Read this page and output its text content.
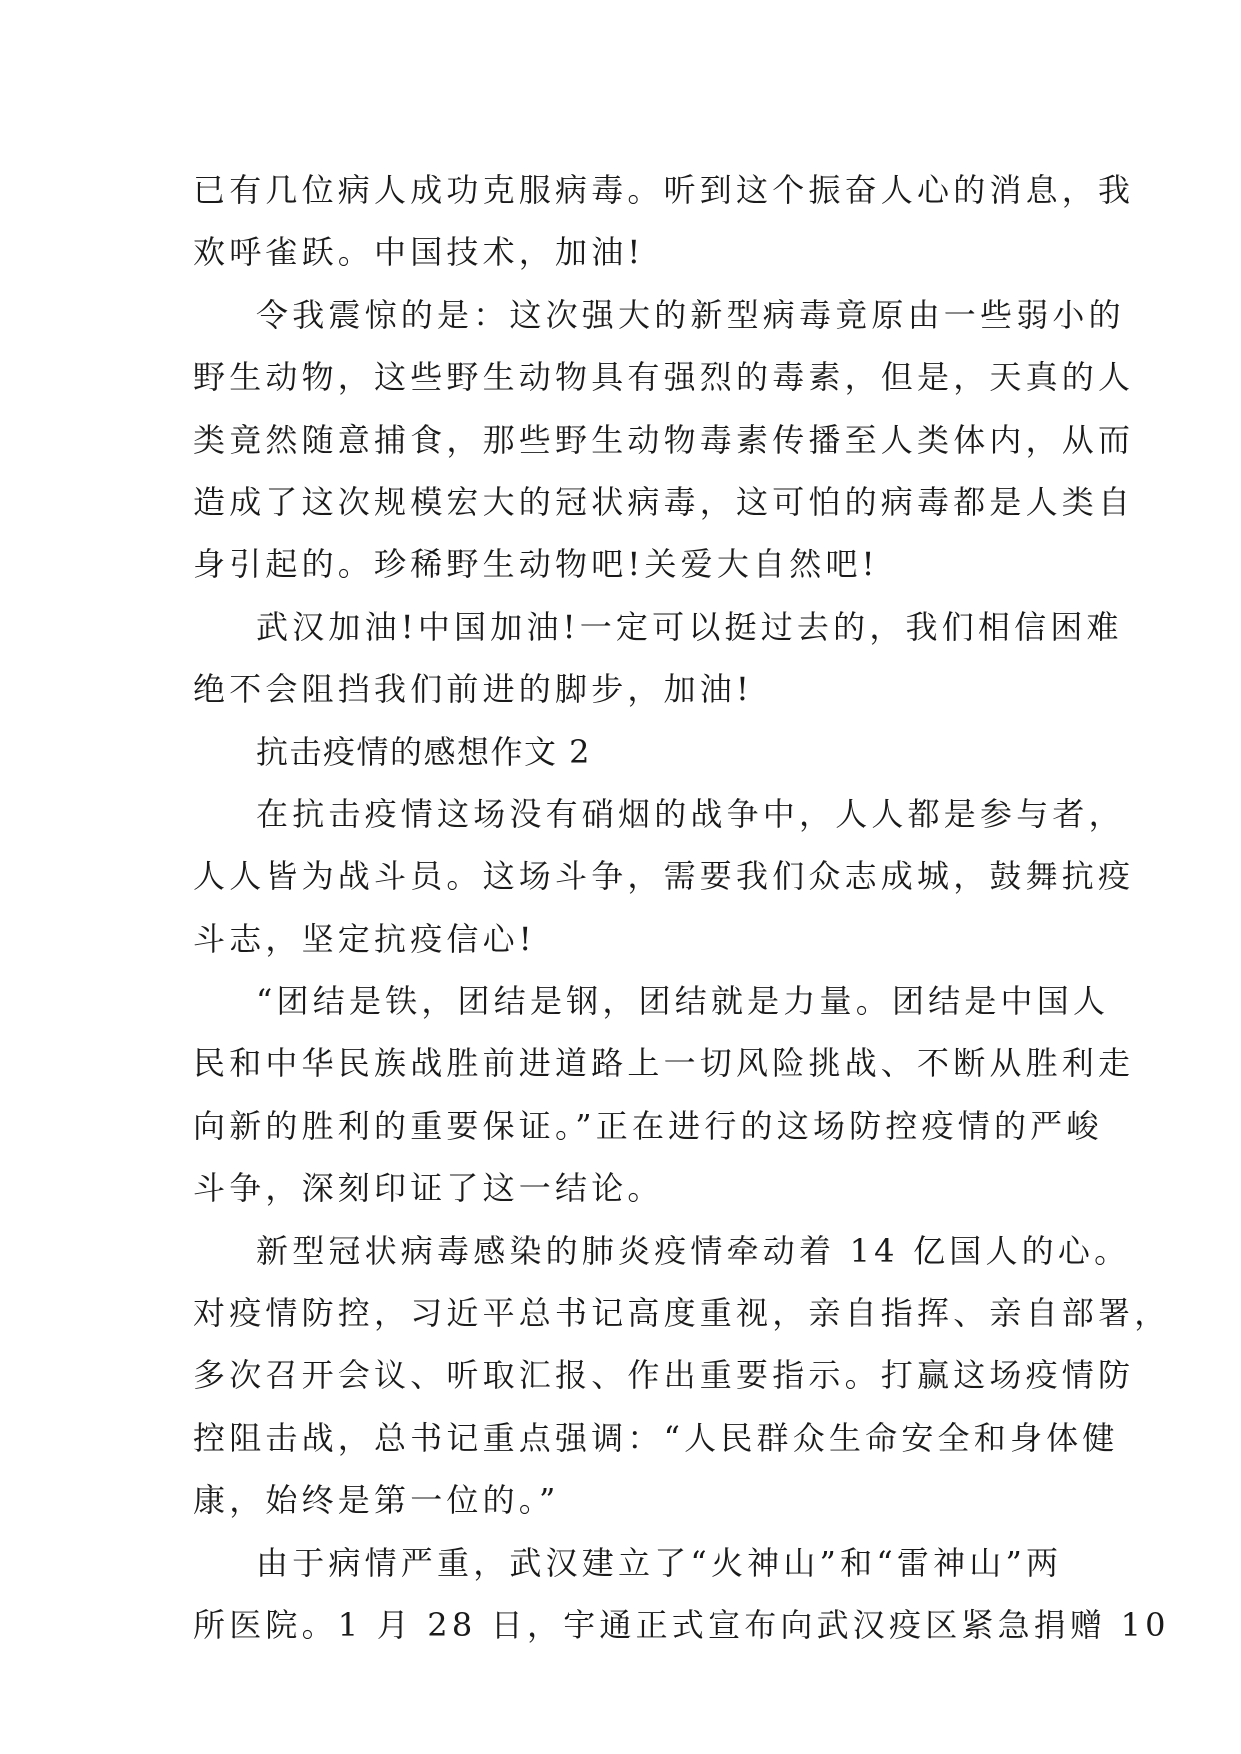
已有几位病人成功克服病毒。听到这个振奋人心的消息，我
欢呼雀跃。中国技术，加油!
令我震惊的是：这次强大的新型病毒竟原由一些弱小的
野生动物，这些野生动物具有强烈的毒素，但是，天真的人
类竟然随意捕食，那些野生动物毒素传播至人类体内，从而
造成了这次规模宏大的冠状病毒，这可怕的病毒都是人类自
身引起的。珍稀野生动物吧!关爱大自然吧!
武汉加油!中国加油!一定可以挺过去的，我们相信困难
绝不会阻挡我们前进的脚步，加油!
抗击疫情的感想作文 2
在抗击疫情这场没有硝烟的战争中，人人都是参与者，
人人皆为战斗员。这场斗争，需要我们众志成城，鼓舞抗疫
斗志，坚定抗疫信心!
“团结是铁，团结是钢，团结就是力量。团结是中国人
民和中华民族战胜前进道路上一切风险挑战、不断从胜利走
向新的胜利的重要保证。”正在进行的这场防控疫情的严峻
斗争，深刻印证了这一结论。
新型冠状病毒感染的肺炎疫情牵动着 14 亿国人的心。
对疫情防控，习近平总书记高度重视，亲自指挥、亲自部署，
多次召开会议、听取汇报、作出重要指示。打赢这场疫情防
控阻击战，总书记重点强调：“人民群众生命安全和身体健
康，始终是第一位的。”
由于病情严重，武汉建立了“火神山”和“雷神山”两
所医院。1 月 28 日，宇通正式宣布向武汉疫区紧急捐赠 10
